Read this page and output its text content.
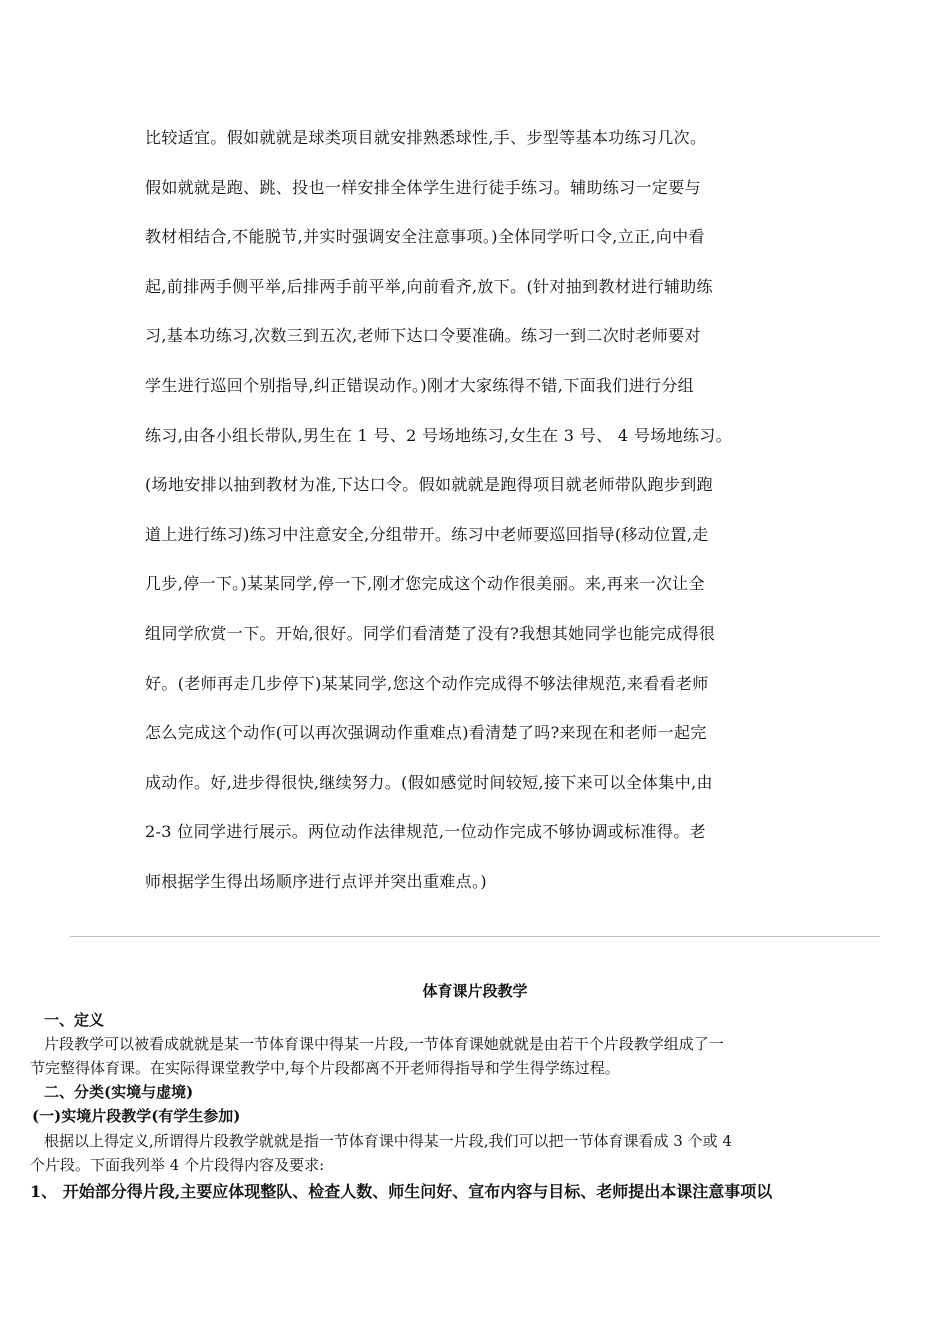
比较适宜。假如就就是球类项目就安排熟悉球性,手、步型等基本功练习几次。
假如就就是跑、跳、投也一样安排全体学生进行徒手练习。辅助练习一定要与
教材相结合,不能脱节,并实时强调安全注意事项。)全体同学听口令,立正,向中看
起,前排两手侧平举,后排两手前平举,向前看齐,放下。(针对抽到教材进行辅助练
习,基本功练习,次数三到五次,老师下达口令要准确。练习一到二次时老师要对
学生进行巡回个别指导,纠正错误动作。)刚才大家练得不错,下面我们进行分组
练习,由各小组长带队,男生在 1 号、2 号场地练习,女生在 3 号、 4 号场地练习。
(场地安排以抽到教材为准,下达口令。假如就就是跑得项目就老师带队跑步到跑
道上进行练习)练习中注意安全,分组带开。练习中老师要巡回指导(移动位置,走
几步,停一下。)某某同学,停一下,刚才您完成这个动作很美丽。来,再来一次让全
组同学欣赏一下。开始,很好。同学们看清楚了没有?我想其她同学也能完成得很
好。(老师再走几步停下)某某同学,您这个动作完成得不够法律规范,来看看老师
怎么完成这个动作(可以再次强调动作重难点)看清楚了吗?来现在和老师一起完
成动作。好,进步得很快,继续努力。(假如感觉时间较短,接下来可以全体集中,由
2-3 位同学进行展示。两位动作法律规范,一位动作完成不够协调或标准得。老
师根据学生得出场顺序进行点评并突出重难点。)
体育课片段教学
一、定义
片段教学可以被看成就就是某一节体育课中得某一片段,一节体育课她就就是由若干个片段教学组成了一
节完整得体育课。在实际得课堂教学中,每个片段都离不开老师得指导和学生得学练过程。
二、分类(实境与虚境)
(一)实境片段教学(有学生参加)
根据以上得定义,所谓得片段教学就就是指一节体育课中得某一片段,我们可以把一节体育课看成 3 个或 4
个片段。下面我列举 4 个片段得内容及要求:
1、 开始部分得片段,主要应体现整队、检查人数、师生问好、宣布内容与目标、老师提出本课注意事项以
